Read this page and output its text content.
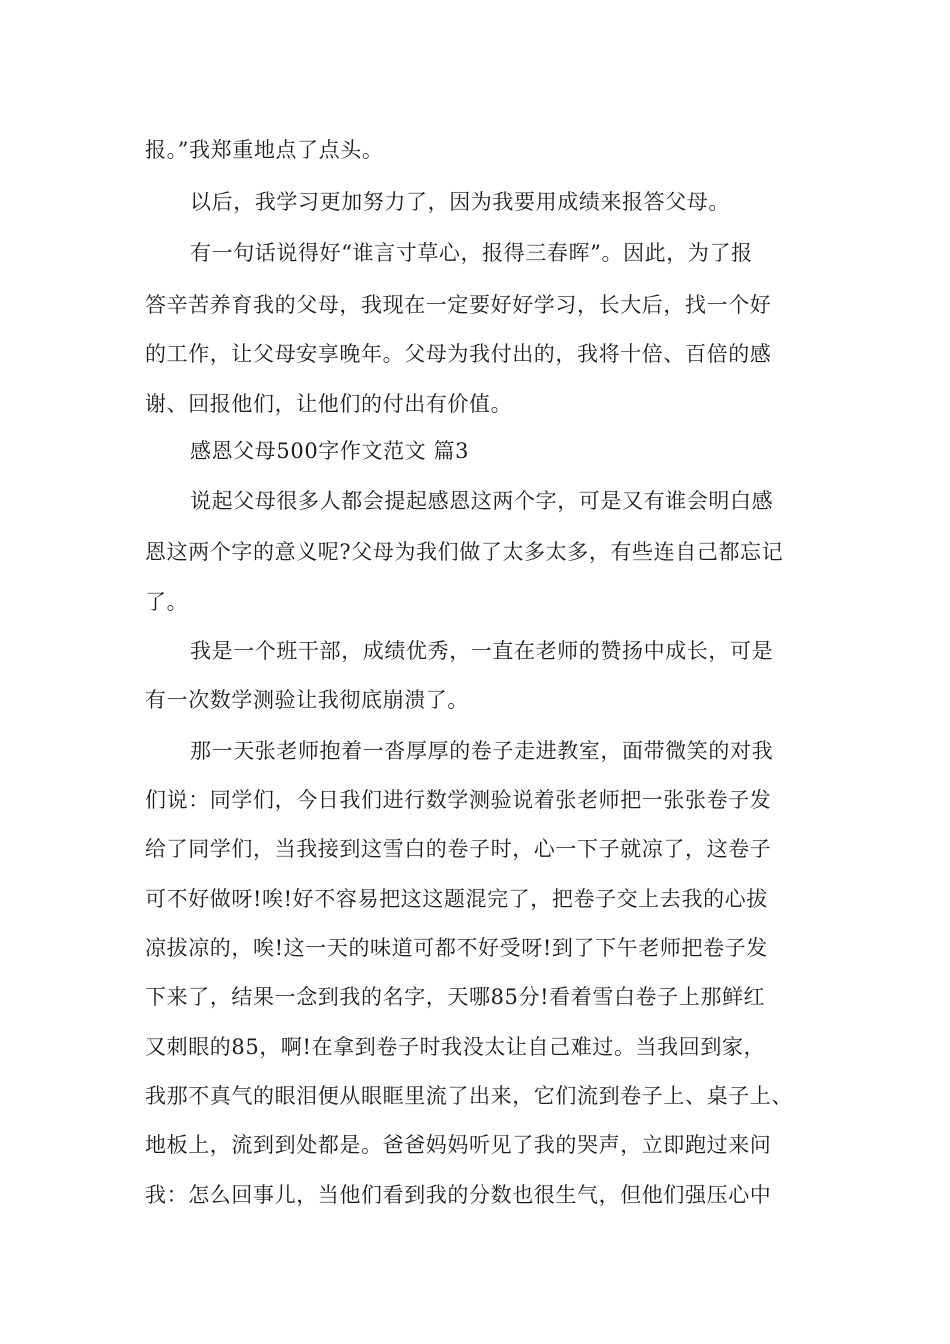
报。”我郑重地点了点头。
以后，我学习更加努力了，因为我要用成绩来报答父母。
有一句话说得好“谁言寸草心，报得三春晖”。因此，为了报
答辛苦养育我的父母，我现在一定要好好学习，长大后，找一个好
的工作，让父母安享晚年。父母为我付出的，我将十倍、百倍的感
谢、回报他们，让他们的付出有价值。
感恩父母500字作文范文 篇3
说起父母很多人都会提起感恩这两个字，可是又有谁会明白感
恩这两个字的意义呢?父母为我们做了太多太多，有些连自己都忘记
了。
我是一个班干部，成绩优秀，一直在老师的赞扬中成长，可是
有一次数学测验让我彻底崩溃了。
那一天张老师抱着一沓厚厚的卷子走进教室，面带微笑的对我
们说：同学们，今日我们进行数学测验说着张老师把一张张卷子发
给了同学们，当我接到这雪白的卷子时，心一下子就凉了，这卷子
可不好做呀!唉!好不容易把这这题混完了，把卷子交上去我的心拔
凉拔凉的，唉!这一天的味道可都不好受呀!到了下午老师把卷子发
下来了，结果一念到我的名字，天哪85分!看着雪白卷子上那鲜红
又刺眼的85，啊!在拿到卷子时我没太让自己难过。当我回到家，
我那不真气的眼泪便从眼眶里流了出来，它们流到卷子上、桌子上、
地板上，流到到处都是。爸爸妈妈听见了我的哭声，立即跑过来问
我：怎么回事儿，当他们看到我的分数也很生气，但他们强压心中
